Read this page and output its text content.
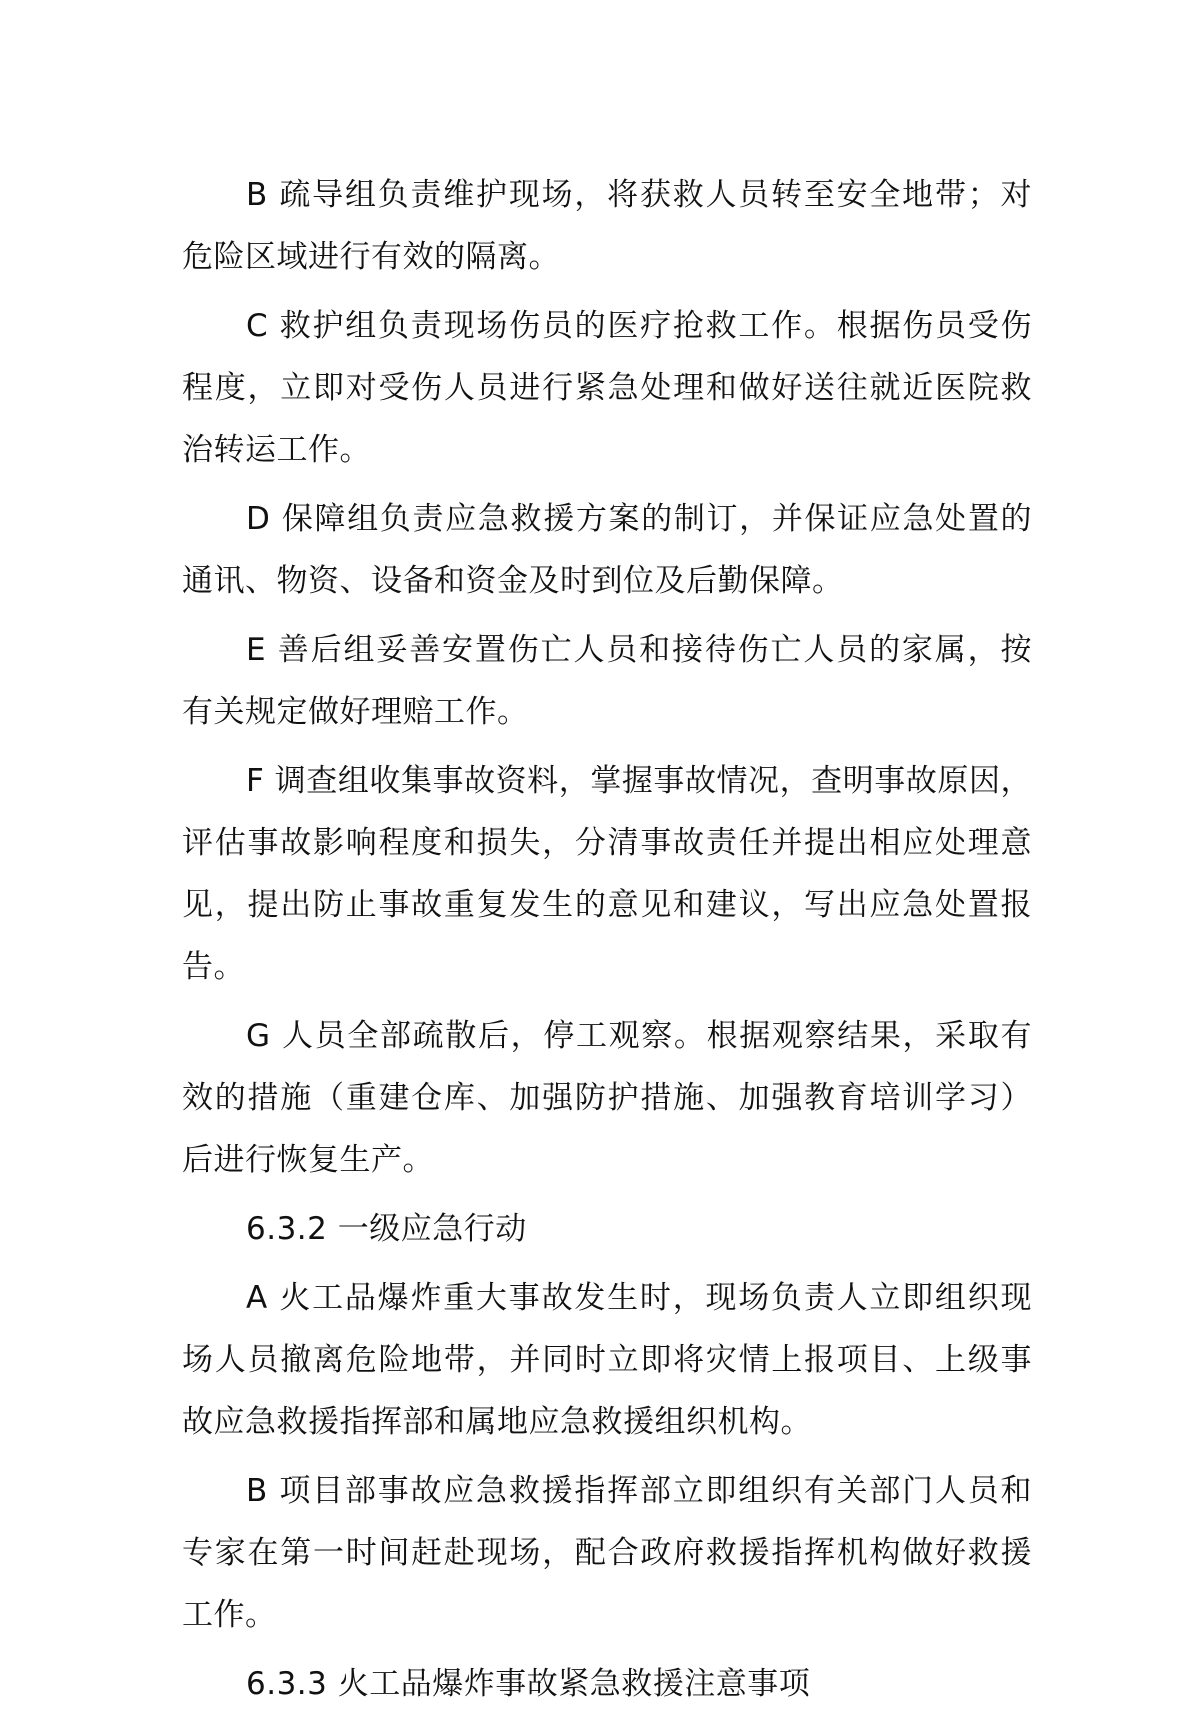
B 疏导组负责维护现场，将获救人员转至安全地带；对危险区域进行有效的隔离。

C 救护组负责现场伤员的医疗抢救工作。根据伤员受伤程度，立即对受伤人员进行紧急处理和做好送往就近医院救治转运工作。

D 保障组负责应急救援方案的制订，并保证应急处置的通讯、物资、设备和资金及时到位及后勤保障。

E 善后组妥善安置伤亡人员和接待伤亡人员的家属，按有关规定做好理赔工作。

F 调查组收集事故资料，掌握事故情况，查明事故原因，评估事故影响程度和损失，分清事故责任并提出相应处理意见，提出防止事故重复发生的意见和建议，写出应急处置报告。

G 人员全部疏散后，停工观察。根据观察结果，采取有效的措施（重建仓库、加强防护措施、加强教育培训学习）后进行恢复生产。

6.3.2 一级应急行动

A 火工品爆炸重大事故发生时，现场负责人立即组织现场人员撤离危险地带，并同时立即将灾情上报项目、上级事故应急救援指挥部和属地应急救援组织机构。

B 项目部事故应急救援指挥部立即组织有关部门人员和专家在第一时间赶赴现场，配合政府救援指挥机构做好救援工作。

6.3.3 火工品爆炸事故紧急救援注意事项
